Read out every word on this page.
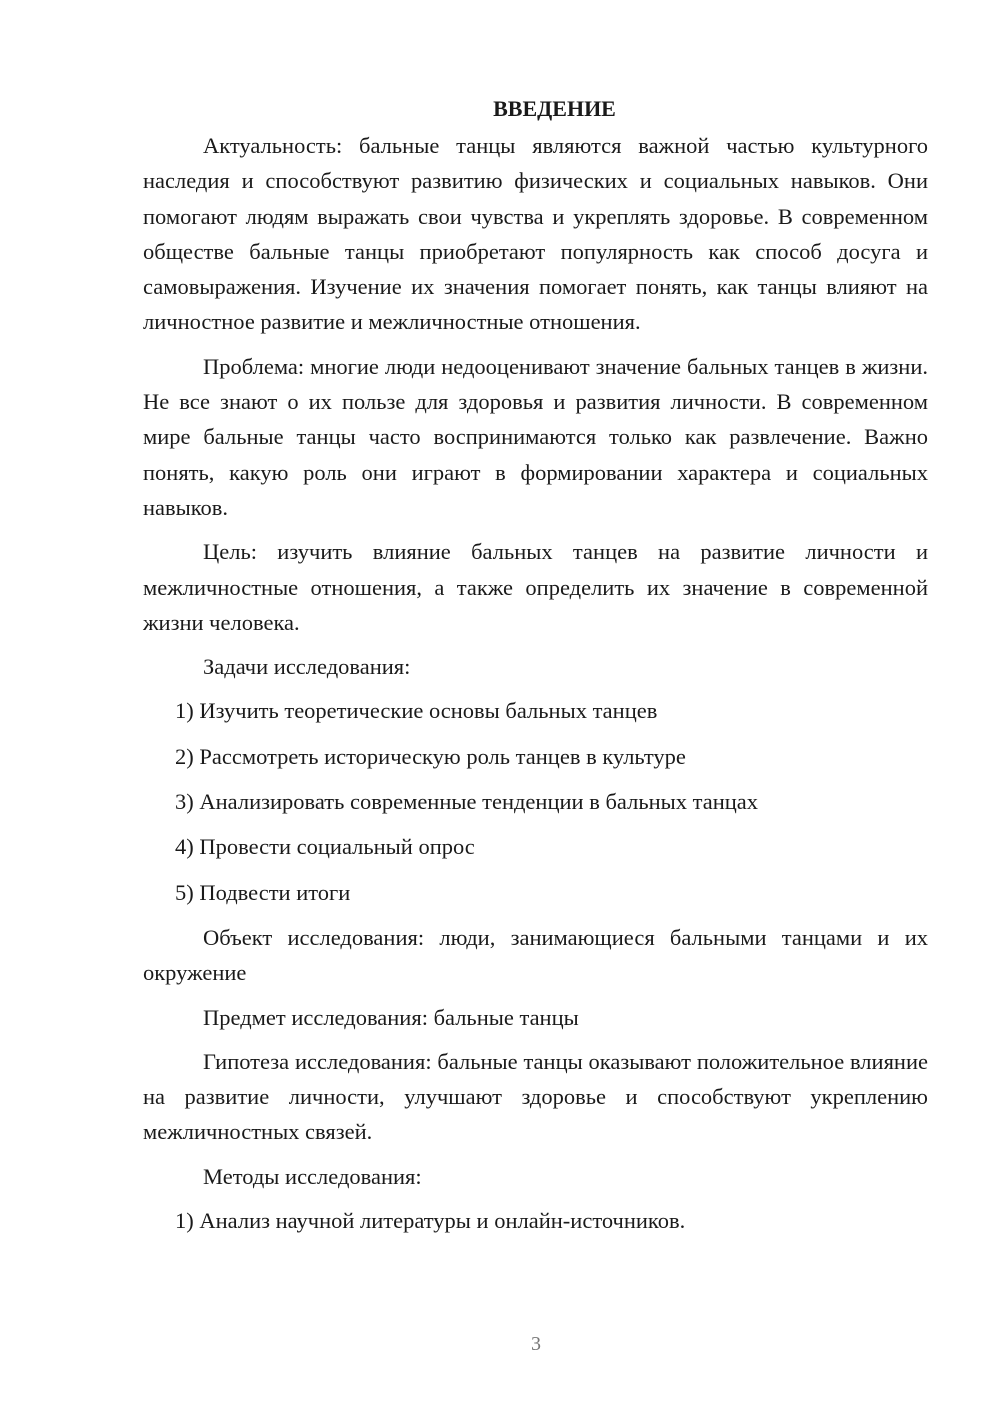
ВВЕДЕНИЕ

Актуальность: бальные танцы являются важной частью культурного наследия и способствуют развитию физических и социальных навыков. Они помогают людям выражать свои чувства и укреплять здоровье. В современном обществе бальные танцы приобретают популярность как способ досуга и самовыражения. Изучение их значения помогает понять, как танцы влияют на личностное развитие и межличностные отношения.

Проблема: многие люди недооценивают значение бальных танцев в жизни. Не все знают о их пользе для здоровья и развития личности. В современном мире бальные танцы часто воспринимаются только как развлечение. Важно понять, какую роль они играют в формировании характера и социальных навыков.

Цель: изучить влияние бальных танцев на развитие личности и межличностные отношения, а также определить их значение в современной жизни человека.

Задачи исследования:

1) Изучить теоретические основы бальных танцев
2) Рассмотреть историческую роль танцев в культуре
3) Анализировать современные тенденции в бальных танцах
4) Провести социальный опрос
5) Подвести итоги

Объект исследования: люди, занимающиеся бальными танцами и их окружение

Предмет исследования: бальные танцы

Гипотеза исследования: бальные танцы оказывают положительное влияние на развитие личности, улучшают здоровье и способствуют укреплению межличностных связей.

Методы исследования:

1) Анализ научной литературы и онлайн-источников.
3
